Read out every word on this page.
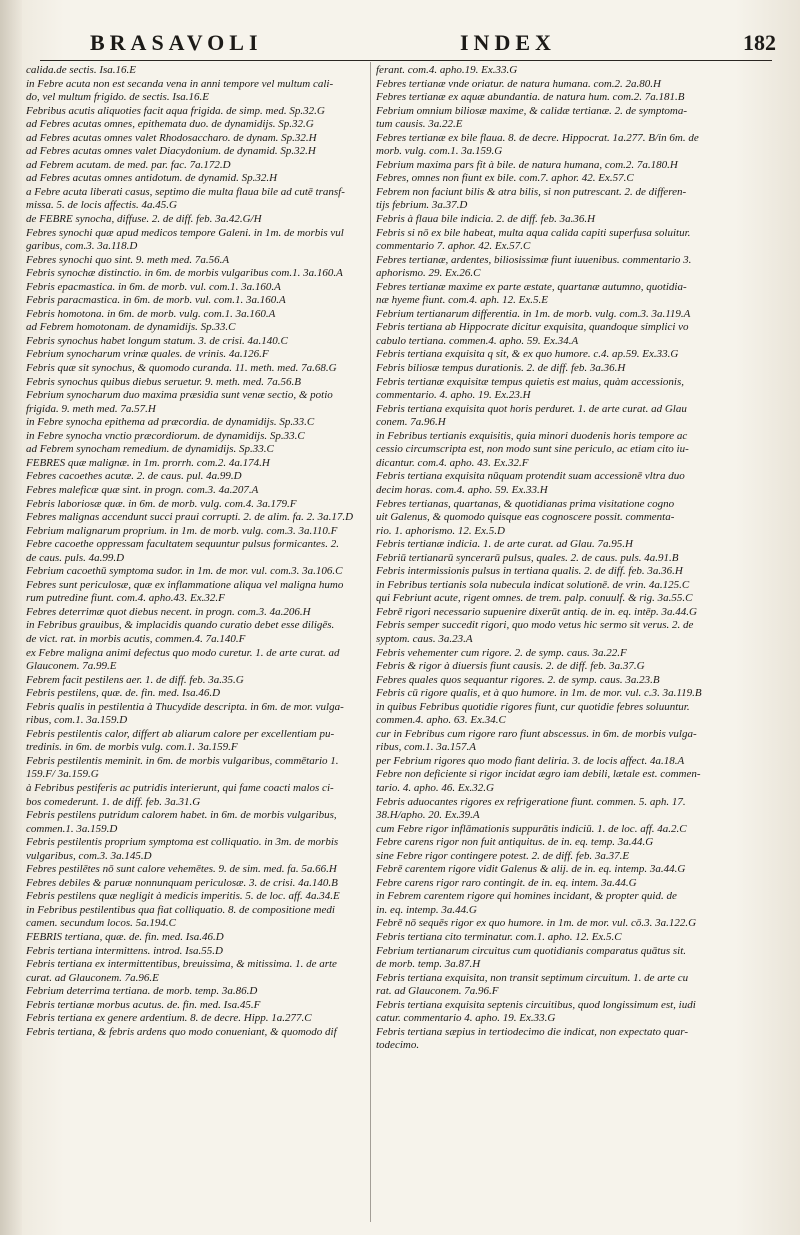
BRASAVOLI	INDEX	182
calida.de sectis. Isa.16.E
in Febre acuta non est secanda vena in anni tempore vel multum cali-
do, vel multum frigido. de sectis. Isa.16.E
Febribus acutis aliquoties facit aqua frigida. de simp. med. Sp.32.G
ad Febres acutas omnes, epithemata duo. de dynamidijs. Sp.32.G
ad Febres acutas omnes valet Rhodosaccharo. de dynam. Sp.32.H
ad Febres acutas omnes valet Diacydonium. de dynamid. Sp.32.H
ad Febrem acutam. de med. par. fac. 7a.172.D
ad Febres acutas omnes antidotum. de dynamid. Sp.32.H
a Febre acuta liberati casus, septimo die multa flaua bile ad cutē transf-
missa. 5. de locis affectis. 4a.45.G
de FEBRE synocha, diffuse. 2. de diff. feb. 3a.42.G/H
Febres synochi quæ apud medicos tempore Galeni. in 1m. de morbis vul
garibus, com.3. 3a.118.D
Febres synochi quo sint. 9. meth med. 7a.56.A
Febris synochæ distinctio. in 6m. de morbis vulgaribus com.1. 3a.160.A
Febris epacmastica. in 6m. de morb. vul. com.1. 3a.160.A
Febris paracmastica. in 6m. de morb. vul. com.1. 3a.160.A
Febris homotona. in 6m. de morb. vulg. com.1. 3a.160.A
ad Febrem homotonam. de dynamidijs. Sp.33.C
Febris synochus habet longum statum. 3. de crisi. 4a.140.C
Febrium synocharum vrinæ quales. de vrinis. 4a.126.F
Febris quæ sit synochus, & quomodo curanda. 11. meth. med. 7a.68.G
Febris synochus quibus diebus seruetur. 9. meth. med. 7a.56.B
Febrium synocharum duo maxima præsidia sunt venæ sectio, & potio
frigida. 9. meth med. 7a.57.H
in Febre synocha epithema ad præcordia. de dynamidijs. Sp.33.C
in Febre synocha vnctio præcordiorum. de dynamidijs. Sp.33.C
ad Febrem synocham remedium. de dynamidijs. Sp.33.C
FEBRES quæ malignæ. in 1m. prorrh. com.2. 4a.174.H
Febres cacoethes acutæ. 2. de caus. pul. 4a.99.D
Febres maleficæ quæ sint. in progn. com.3. 4a.207.A
Febris laboriosæ quæ. in 6m. de morb. vulg. com.4. 3a.179.F
Febres malignas accendunt succi praui corrupti. 2. de alim. fa. 2. 3a.17.D
Febrium malignarum proprium. in 1m. de morb. vulg. com.3. 3a.110.F
Febre cacoethe oppressam facultatem sequuntur pulsus formicantes. 2.
de caus. puls. 4a.99.D
Febrium cacoethū symptoma sudor. in 1m. de mor. vul. com.3. 3a.106.C
Febres sunt periculosæ, quæ ex inflammatione aliqua vel maligna humo
rum putredine fiunt. com.4. apho.43. Ex.32.F
Febres deterrimæ quot diebus necent. in progn. com.3. 4a.206.H
in Febribus grauibus, & implacidis quando curatio debet esse diligēs.
de vict. rat. in morbis acutis, commen.4. 7a.140.F
ex Febre maligna animi defectus quo modo curetur. 1. de arte curat. ad
Glauconem. 7a.99.E
Febrem facit pestilens aer. 1. de diff. feb. 3a.35.G
Febris pestilens, quæ. de. fin. med. Isa.46.D
Febris qualis in pestilentia à Thucydide descripta. in 6m. de mor. vulga-
ribus, com.1. 3a.159.D
Febris pestilentis calor, differt ab aliarum calore per excellentiam pu-
tredinis. in 6m. de morbis vulg. com.1. 3a.159.F
Febris pestilentis meminit. in 6m. de morbis vulgaribus, commētario 1.
159.F/ 3a.159.G
à Febribus pestiferis ac putridis interierunt, qui fame coacti malos ci-
bos comederunt. 1. de diff. feb. 3a.31.G
Febris pestilens putridum calorem habet. in 6m. de morbis vulgaribus,
commen.1. 3a.159.D
Febris pestilentis proprium symptoma est colliquatio. in 3m. de morbis
vulgaribus, com.3. 3a.145.D
Febres pestilētes nō sunt calore vehemētes. 9. de sim. med. fa. 5a.66.H
Febres debiles & paruæ nonnunquam periculosæ. 3. de crisi. 4a.140.B
Febris pestilens quæ negligit à medicis imperitis. 5. de loc. aff. 4a.34.E
in Febribus pestilentibus qua fiat colliquatio. 8. de compositione medi
camen. secundum locos. 5a.194.C
FEBRIS tertiana, quæ. de. fin. med. Isa.46.D
Febris tertiana intermittens. introd. Isa.55.D
Febris tertiana ex intermittentibus, breuissima, & mitissima. 1. de arte
curat. ad Glauconem. 7a.96.E
Febrium deterrima tertiana. de morb. temp. 3a.86.D
Febris tertianæ morbus acutus. de. fin. med. Isa.45.F
Febris tertiana ex genere ardentium. 8. de decre. Hipp. 1a.277.C
Febris tertiana, & febris ardens quo modo conueniant, & quomodo dif
ferant. com.4. apho.19. Ex.33.G
Febres tertianæ vnde oriatur. de natura humana. com.2. 2a.80.H
Febres tertianæ ex aquæ abundantia. de natura hum. com.2. 7a.181.B
Febrium omnium biliosæ maxime, & calidæ tertianæ. 2. de symptoma-
tum causis. 3a.22.E
Febres tertianæ ex bile flaua. 8. de decre. Hippocrat. 1a.277. B/in 6m. de
morb. vulg. com.1. 3a.159.G
Febrium maxima pars fit à bile. de natura humana, com.2. 7a.180.H
Febres, omnes non fiunt ex bile. com.7. aphor. 42. Ex.57.C
Febrem non faciunt bilis & atra bilis, si non putrescant. 2. de differen-
tijs febrium. 3a.37.D
Febris à flaua bile indicia. 2. de diff. feb. 3a.36.H
Febris si nō ex bile habeat, multa aqua calida capiti superfusa soluitur.
commentario 7. aphor. 42. Ex.57.C
Febres tertianæ, ardentes, biliosissimæ fiunt iuuenibus. commentario 3.
aphorismo. 29. Ex.26.C
Febres tertianæ maxime ex parte æstate, quartanæ autumno, quotidia-
næ hyeme fiunt. com.4. aph. 12. Ex.5.E
Febrium tertianarum differentia. in 1m. de morb. vulg. com.3. 3a.119.A
Febris tertiana ab Hippocrate dicitur exquisita, quandoque simplici vo
cabulo tertiana. commen.4. apho. 59. Ex.34.A
Febris tertiana exquisita q sit, & ex quo humore. c.4. ap.59. Ex.33.G
Febris biliosæ tempus durationis. 2. de diff. feb. 3a.36.H
Febris tertianæ exquisitæ tempus quietis est maius, quàm accessionis,
commentario. 4. apho. 19. Ex.23.H
Febris tertiana exquisita quot horis perduret. 1. de arte curat. ad Glau
conem. 7a.96.H
in Febribus tertianis exquisitis, quia minori duodenis horis tempore ac
cessio circumscripta est, non modo sunt sine periculo, ac etiam cito iu-
dicantur. com.4. apho. 43. Ex.32.F
Febris tertiana exquisita nūquam protendit suam accessionē vltra duo
decim horas. com.4. apho. 59. Ex.33.H
Febres tertianas, quartanas, & quotidianas prima visitatione cogno
uit Galenus, & quomodo quisque eas cognoscere possit. commenta-
rio. 1. aphorismo. 12. Ex.5.D
Febris tertianæ indicia. 1. de arte curat. ad Glau. 7a.95.H
Febriū tertianarū syncerarū pulsus, quales. 2. de caus. puls. 4a.91.B
Febris intermissionis pulsus in tertiana qualis. 2. de diff. feb. 3a.36.H
in Febribus tertianis sola nubecula indicat solutionē. de vrin. 4a.125.C
qui Febriunt acute, rigent omnes. de trem. palp. conuulf. & rig. 3a.55.C
Febrē rigori necessario supuenire dixerūt antiq. de in. eq. intēp. 3a.44.G
Febris semper succedit rigori, quo modo vetus hic sermo sit verus. 2. de
syptom. caus. 3a.23.A
Febris vehementer cum rigore. 2. de symp. caus. 3a.22.F
Febris & rigor à diuersis fiunt causis. 2. de diff. feb. 3a.37.G
Febres quales quos sequantur rigores. 2. de symp. caus. 3a.23.B
Febris cū rigore qualis, et à quo humore. in 1m. de mor. vul. c.3. 3a.119.B
in quibus Febribus quotidie rigores fiunt, cur quotidie febres soluuntur.
commen.4. apho. 63. Ex.34.C
cur in Febribus cum rigore raro fiunt abscessus. in 6m. de morbis vulga-
ribus, com.1. 3a.157.A
per Febrium rigores quo modo fiant deliria. 3. de locis affect. 4a.18.A
Febre non deficiente si rigor incidat ægro iam debili, lætale est. commen-
tario. 4. apho. 46. Ex.32.G
Febris aduocantes rigores ex refrigeratione fiunt. commen. 5. aph. 17.
38.H/apho. 20. Ex.39.A
cum Febre rigor inflāmationis suppurātis indiciū. 1. de loc. aff. 4a.2.C
Febre carens rigor non fuit antiquitus. de in. eq. temp. 3a.44.G
sine Febre rigor contingere potest. 2. de diff. feb. 3a.37.E
Febrē carentem rigore vidit Galenus & alij. de in. eq. intemp. 3a.44.G
Febre carens rigor raro contingit. de in. eq. intem. 3a.44.G
in Febrem carentem rigore qui homines incidant, & propter quid. de
in. eq. intemp. 3a.44.G
Febrē nō sequēs rigor ex quo humore. in 1m. de mor. vul. cō.3. 3a.122.G
Febris tertiana cito terminatur. com.1. apho. 12. Ex.5.C
Febrium tertianarum circuitus cum quotidianis comparatus quātus sit.
de morb. temp. 3a.87.H
Febris tertiana exquisita, non transit septimum circuitum. 1. de arte cu
rat. ad Glauconem. 7a.96.F
Febris tertiana exquisita septenis circuitibus, quod longissimum est, iudi
catur. commentario 4. apho. 19. Ex.33.G
Febris tertiana sæpius in tertiodecimo die indicat, non expectato quar-
todecimo.
